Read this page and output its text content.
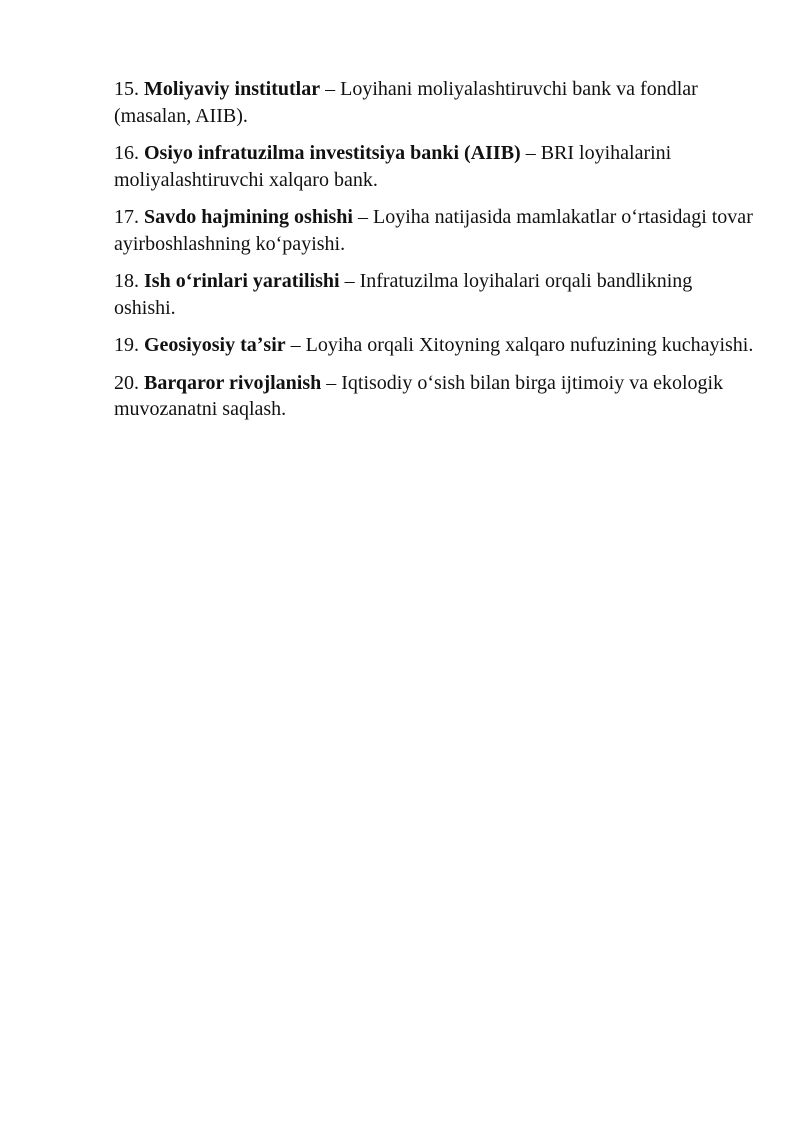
15. Moliyaviy institutlar – Loyihani moliyalashtiruvchi bank va fondlar (masalan, AIIB).

16. Osiyo infratuzilma investitsiya banki (AIIB) – BRI loyihalarini moliyalashtiruvchi xalqaro bank.

17. Savdo hajmining oshishi – Loyiha natijasida mamlakatlar oʻrtasidagi tovar ayirboshlashning koʻpayishi.

18. Ish oʻrinlari yaratilishi – Infratuzilma loyihalari orqali bandlikning oshishi.

19. Geosiyosiy taʼsir – Loyiha orqali Xitoyning xalqaro nufuzining kuchayishi.

20. Barqaror rivojlanish – Iqtisodiy oʻsish bilan birga ijtimoiy va ekologik muvozanatni saqlash.
